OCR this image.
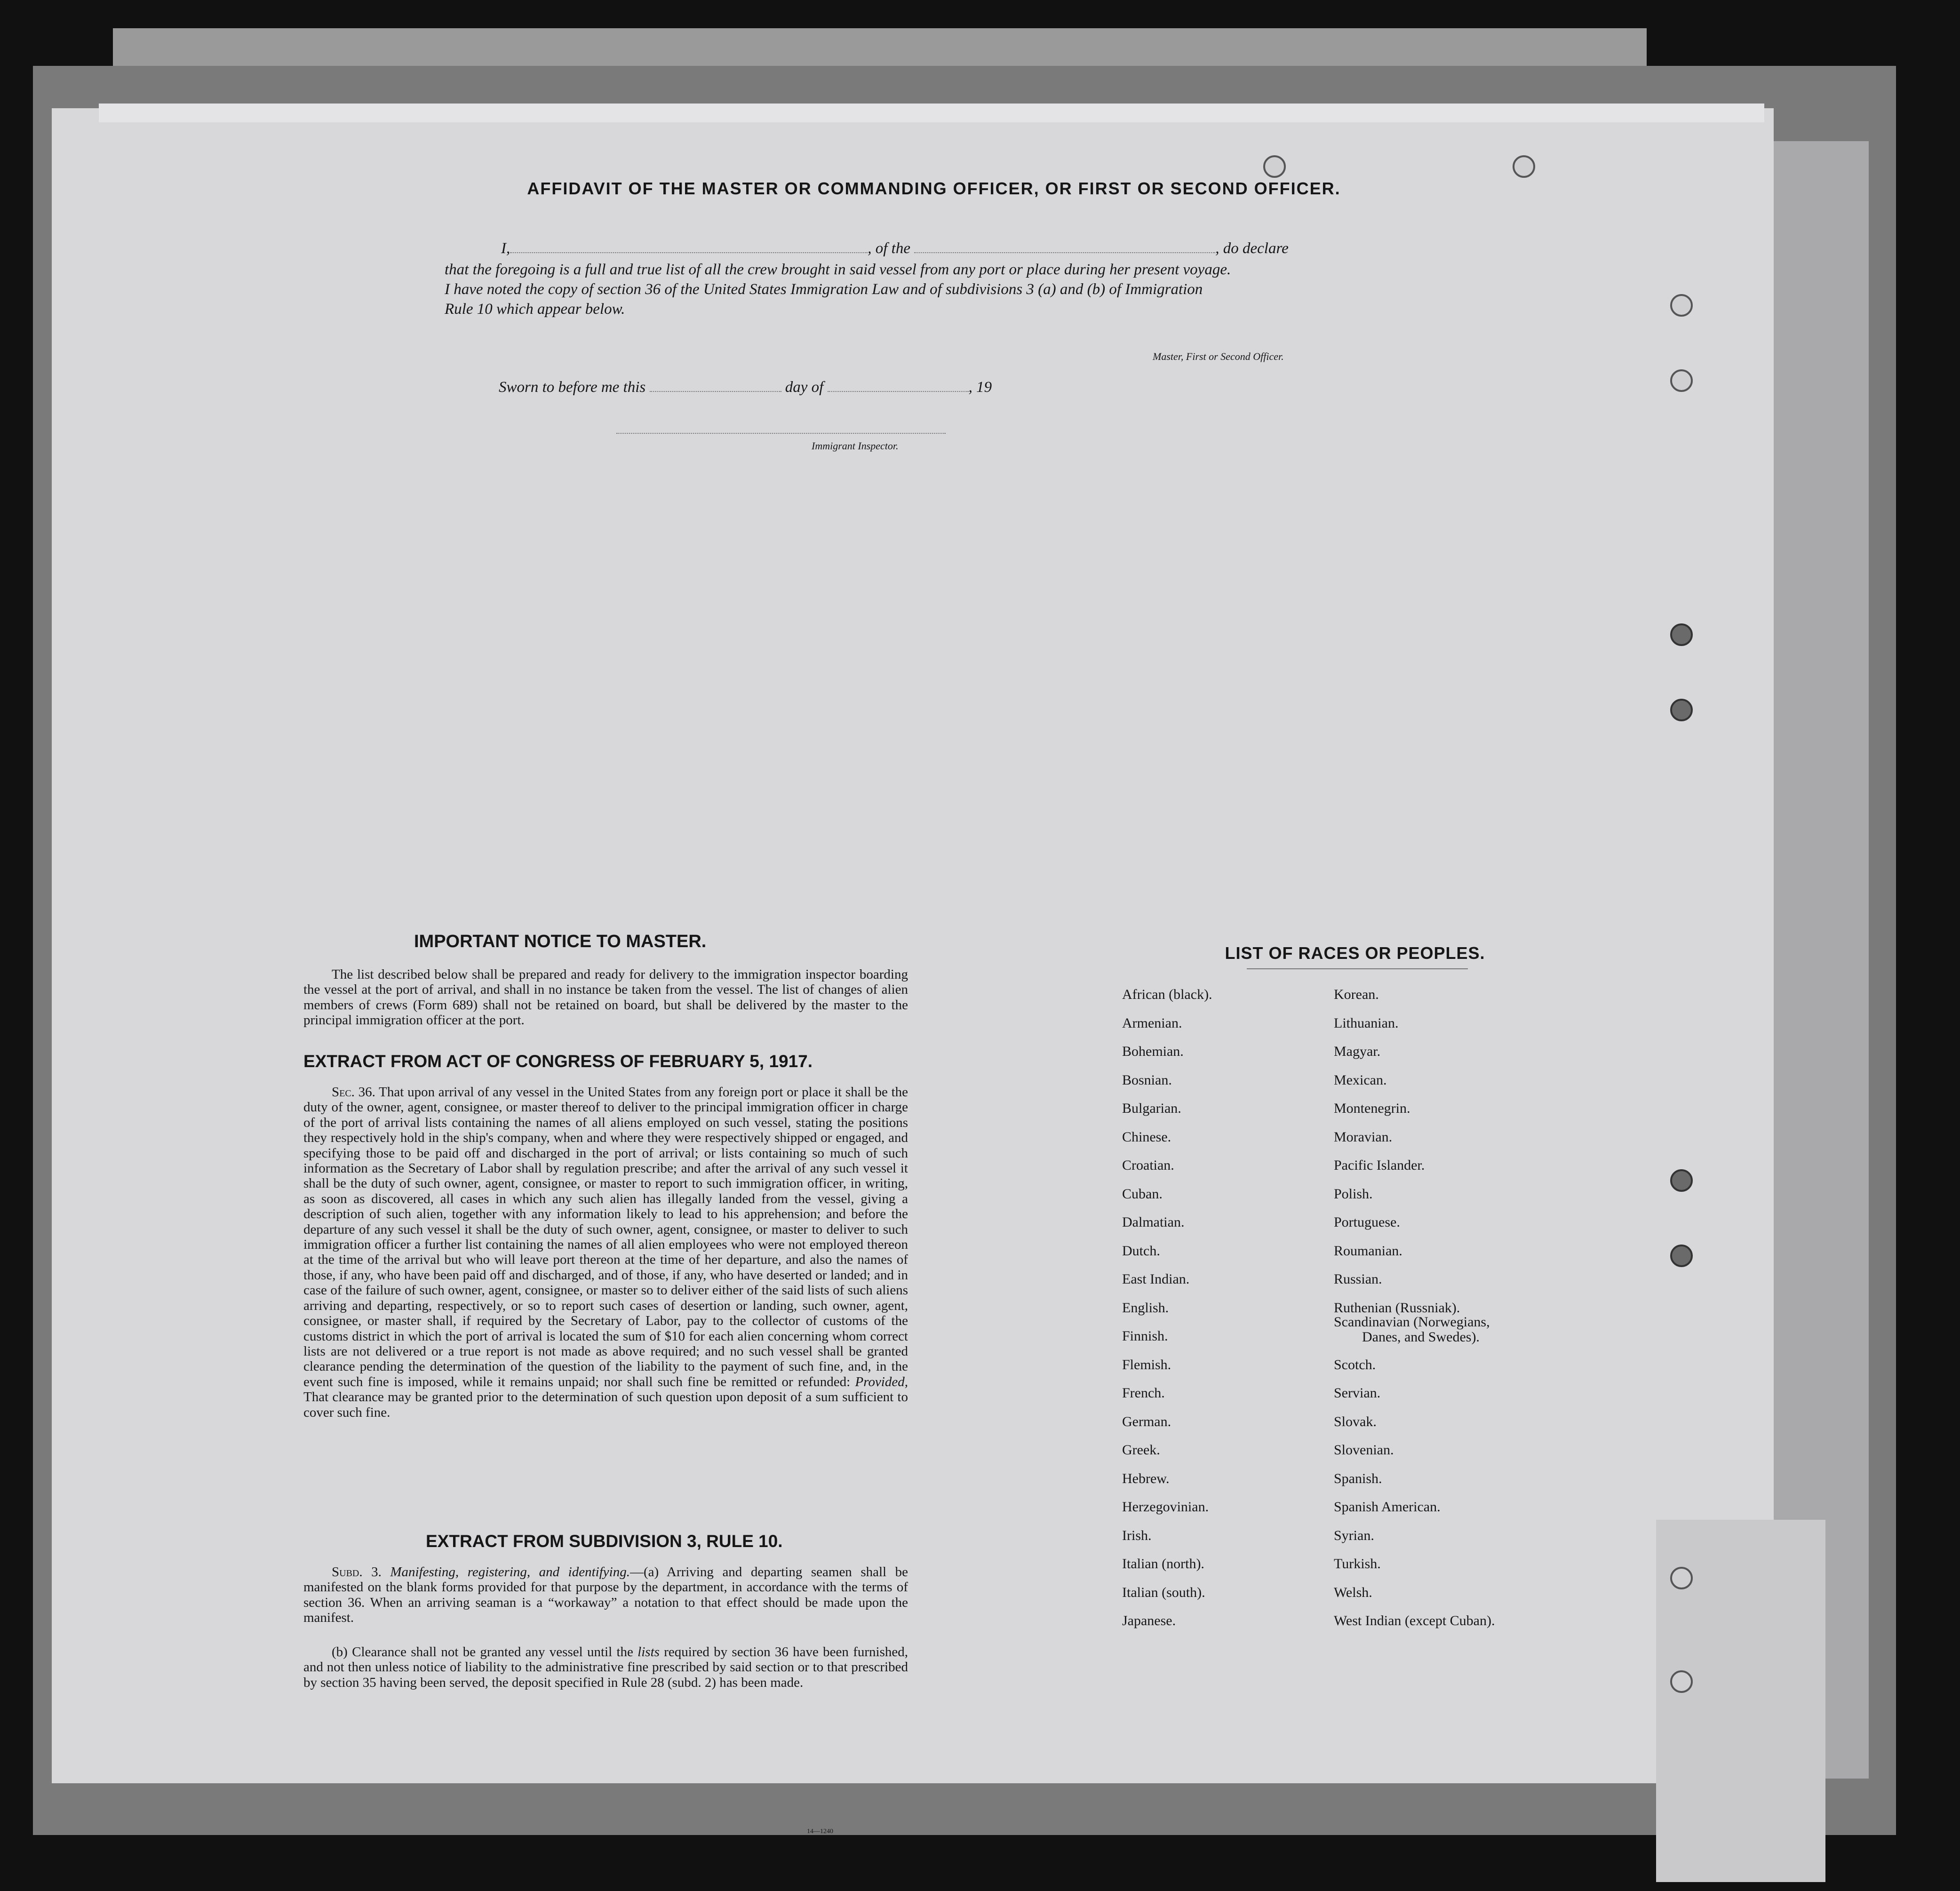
AFFIDAVIT OF THE MASTER OR COMMANDING OFFICER, OR FIRST OR SECOND OFFICER.
I,	, of the	, do declare
that the foregoing is a full and true list of all the crew brought in said vessel from any port or place during her present voyage.
I have noted the copy of section 36 of the United States Immigration Law and of subdivisions 3 (a) and (b) of Immigration
Rule 10 which appear below.
Master, First or Second Officer.
Sworn to before me this	day of	, 19
Immigrant Inspector.
IMPORTANT NOTICE TO MASTER.
The list described below shall be prepared and ready for delivery to the immigration inspector boarding the vessel at the port of arrival, and shall in no instance be taken from the vessel. The list of changes of alien members of crews (Form 689) shall not be retained on board, but shall be delivered by the master to the principal immigration officer at the port.
EXTRACT FROM ACT OF CONGRESS OF FEBRUARY 5, 1917.
Sec. 36. That upon arrival of any vessel in the United States from any foreign port or place it shall be the duty of the owner, agent, consignee, or master thereof to deliver to the principal immigration officer in charge of the port of arrival lists containing the names of all aliens employed on such vessel, stating the positions they respectively hold in the ship's company, when and where they were respectively shipped or engaged, and specifying those to be paid off and discharged in the port of arrival; or lists containing so much of such information as the Secretary of Labor shall by regulation prescribe; and after the arrival of any such vessel it shall be the duty of such owner, agent, consignee, or master to report to such immigration officer, in writing, as soon as discovered, all cases in which any such alien has illegally landed from the vessel, giving a description of such alien, together with any information likely to lead to his apprehension; and before the departure of any such vessel it shall be the duty of such owner, agent, consignee, or master to deliver to such immigration officer a further list containing the names of all alien employees who were not employed thereon at the time of the arrival but who will leave port thereon at the time of her departure, and also the names of those, if any, who have been paid off and discharged, and of those, if any, who have deserted or landed; and in case of the failure of such owner, agent, consignee, or master so to deliver either of the said lists of such aliens arriving and departing, respectively, or so to report such cases of desertion or landing, such owner, agent, consignee, or master shall, if required by the Secretary of Labor, pay to the collector of customs of the customs district in which the port of arrival is located the sum of $10 for each alien concerning whom correct lists are not delivered or a true report is not made as above required; and no such vessel shall be granted clearance pending the determination of the question of the liability to the payment of such fine, and, in the event such fine is imposed, while it remains unpaid; nor shall such fine be remitted or refunded: Provided, That clearance may be granted prior to the determination of such question upon deposit of a sum sufficient to cover such fine.
EXTRACT FROM SUBDIVISION 3, RULE 10.
Subd. 3. Manifesting, registering, and identifying.—(a) Arriving and departing seamen shall be manifested on the blank forms provided for that purpose by the department, in accordance with the terms of section 36. When an arriving seaman is a “workaway” a notation to that effect should be made upon the manifest.
(b) Clearance shall not be granted any vessel until the lists required by section 36 have been furnished, and not then unless notice of liability to the administrative fine prescribed by said section or to that prescribed by section 35 having been served, the deposit specified in Rule 28 (subd. 2) has been made.
14—1240
LIST OF RACES OR PEOPLES.
African (black).
Armenian.
Bohemian.
Bosnian.
Bulgarian.
Chinese.
Croatian.
Cuban.
Dalmatian.
Dutch.
East Indian.
English.
Finnish.
Flemish.
French.
German.
Greek.
Hebrew.
Herzegovinian.
Irish.
Italian (north).
Italian (south).
Japanese.
Korean.
Lithuanian.
Magyar.
Mexican.
Montenegrin.
Moravian.
Pacific Islander.
Polish.
Portuguese.
Roumanian.
Russian.
Ruthenian (Russniak).
Scandinavian (Norwegians,
Danes, and Swedes).
Scotch.
Servian.
Slovak.
Slovenian.
Spanish.
Spanish American.
Syrian.
Turkish.
Welsh.
West Indian (except Cuban).
